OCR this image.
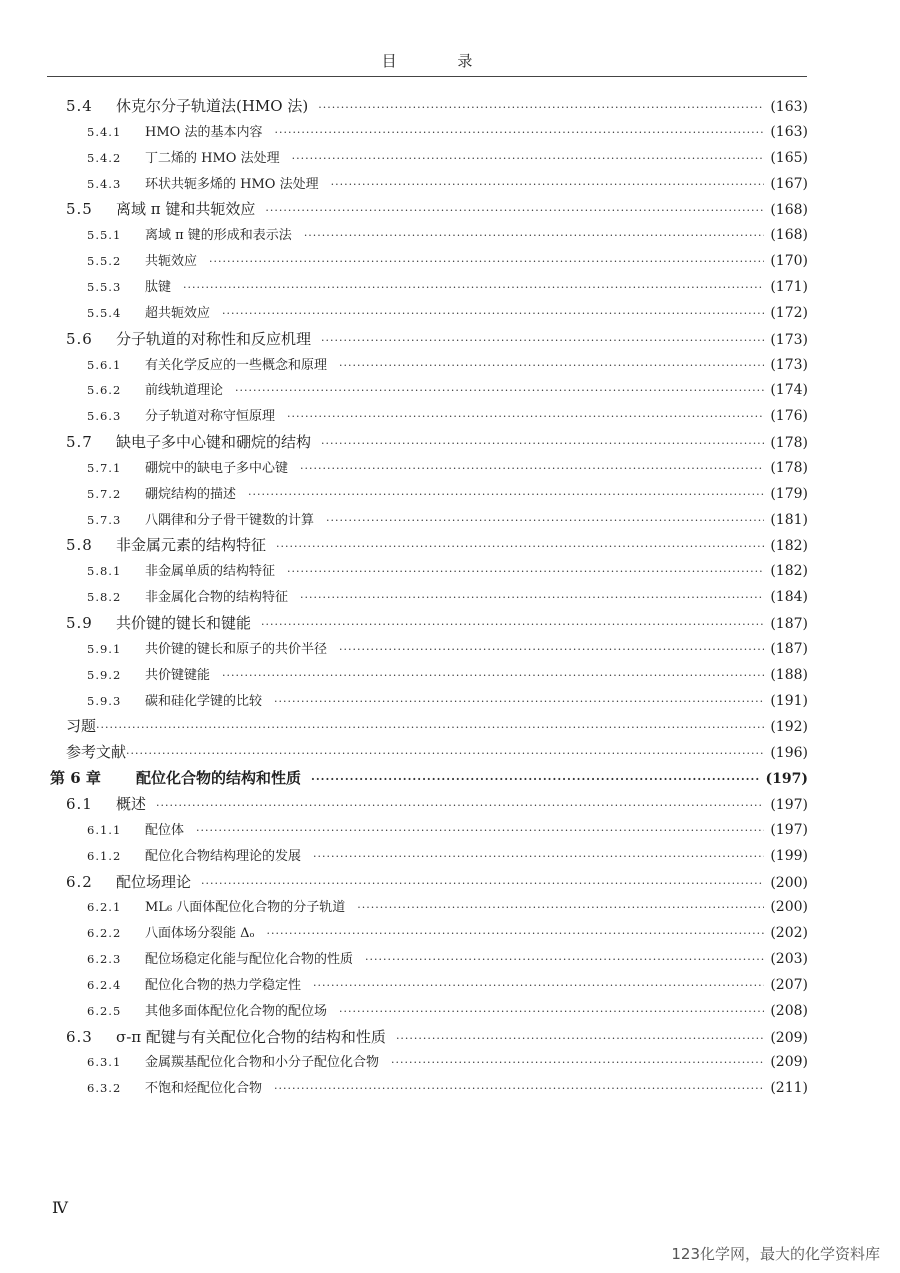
目 录
5.4	休克尔分子轨道法(HMO 法) ·····	(163)
5.4.1	HMO 法的基本内容 ·····	(163)
5.4.2	丁二烯的 HMO 法处理 ·····	(165)
5.4.3	环状共轭多烯的 HMO 法处理 ·····	(167)
5.5	离域 π 键和共轭效应 ·····	(168)
5.5.1	离域 π 键的形成和表示法 ·····	(168)
5.5.2	共轭效应 ·····	(170)
5.5.3	肽键 ·····	(171)
5.5.4	超共轭效应 ·····	(172)
5.6	分子轨道的对称性和反应机理 ·····	(173)
5.6.1	有关化学反应的一些概念和原理 ·····	(173)
5.6.2	前线轨道理论 ·····	(174)
5.6.3	分子轨道对称守恒原理 ·····	(176)
5.7	缺电子多中心键和硼烷的结构 ·····	(178)
5.7.1	硼烷中的缺电子多中心键 ·····	(178)
5.7.2	硼烷结构的描述 ·····	(179)
5.7.3	八隅律和分子骨干键数的计算 ·····	(181)
5.8	非金属元素的结构特征 ·····	(182)
5.8.1	非金属单质的结构特征 ·····	(182)
5.8.2	非金属化合物的结构特征 ·····	(184)
5.9	共价键的键长和键能 ·····	(187)
5.9.1	共价键的键长和原子的共价半径 ·····	(187)
5.9.2	共价键键能 ·····	(188)
5.9.3	碳和硅化学键的比较 ·····	(191)
习题 ·····	(192)
参考文献 ·····	(196)
第 6 章	配位化合物的结构和性质 ·····	(197)
6.1	概述 ·····	(197)
6.1.1	配位体 ·····	(197)
6.1.2	配位化合物结构理论的发展 ·····	(199)
6.2	配位场理论 ·····	(200)
6.2.1	ML₆ 八面体配位化合物的分子轨道 ·····	(200)
6.2.2	八面体场分裂能 Δₒ ·····	(202)
6.2.3	配位场稳定化能与配位化合物的性质 ·····	(203)
6.2.4	配位化合物的热力学稳定性 ·····	(207)
6.2.5	其他多面体配位化合物的配位场 ·····	(208)
6.3	σ-π 配键与有关配位化合物的结构和性质 ·····	(209)
6.3.1	金属羰基配位化合物和小分子配位化合物 ·····	(209)
6.3.2	不饱和烃配位化合物 ·····	(211)
Ⅳ
123化学网，最大的化学资料库
